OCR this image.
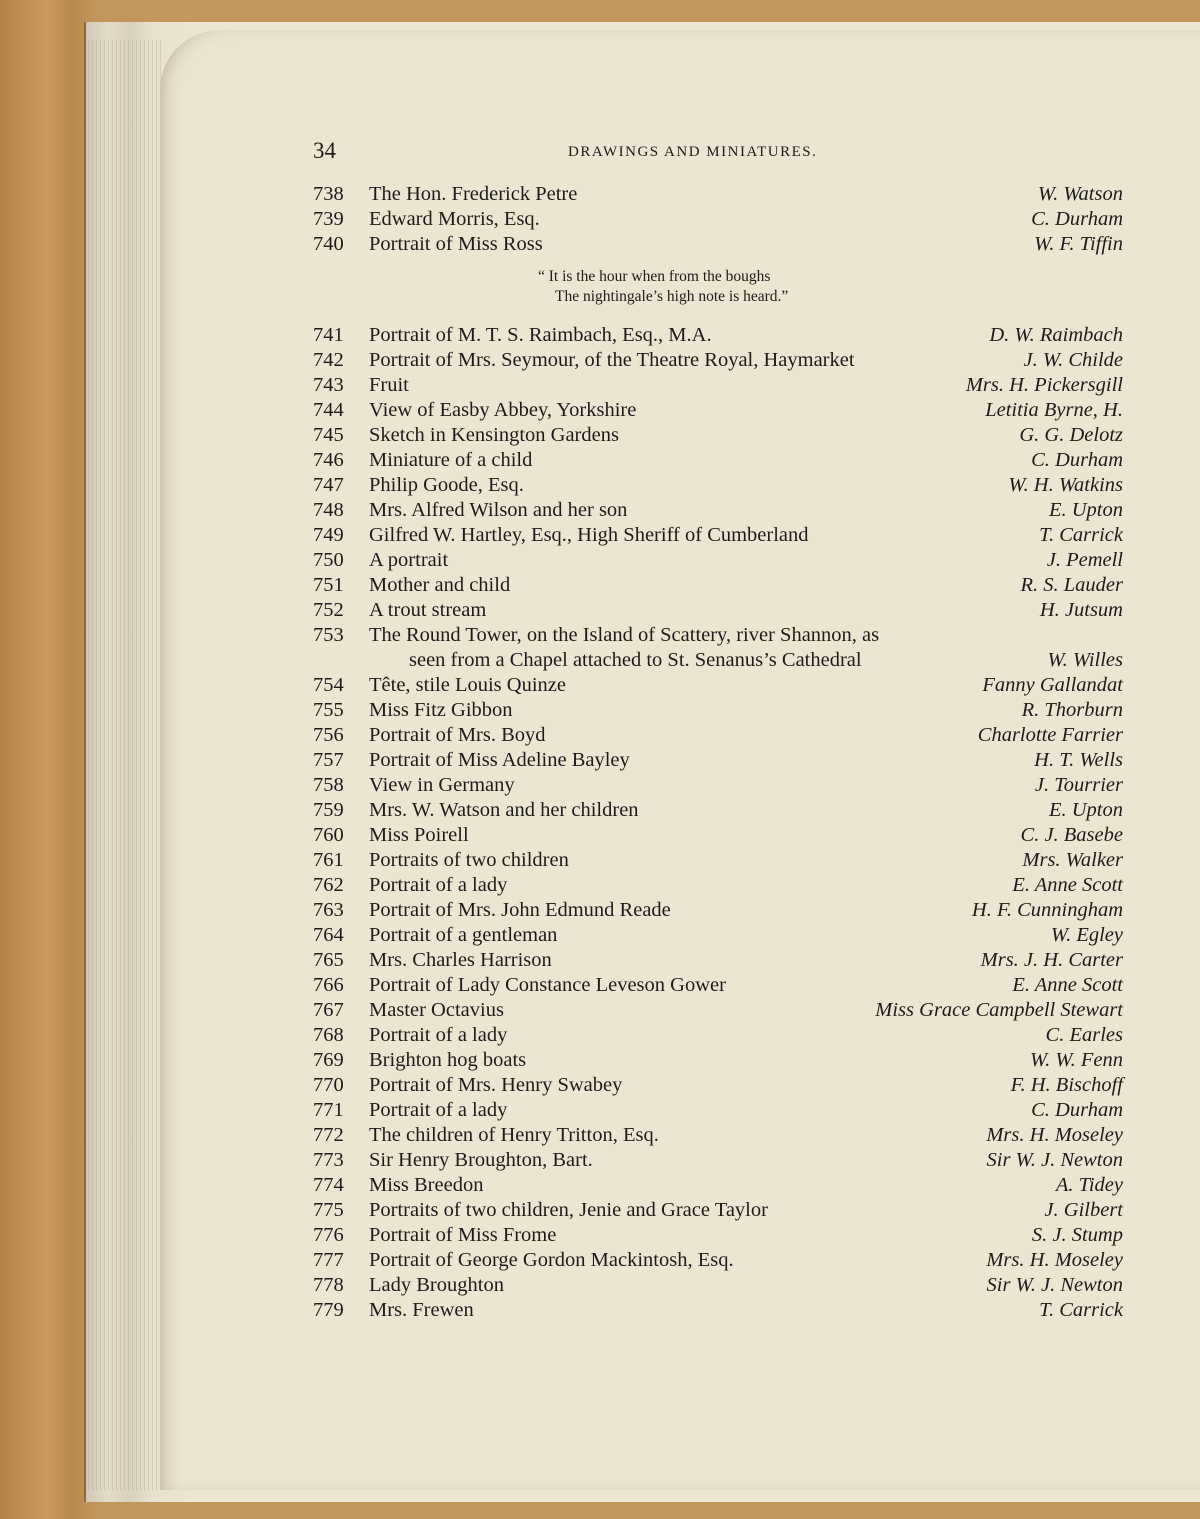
34	DRAWINGS AND MINIATURES.
738	The Hon. Frederick Petre	W. Watson
739	Edward Morris, Esq.	C. Durham
740	Portrait of Miss Ross	W. F. Tiffin
“ It is the hour when from the boughs
The nightingale’s high note is heard.”
741	Portrait of M. T. S. Raimbach, Esq., M.A.	D. W. Raimbach
742	Portrait of Mrs. Seymour, of the Theatre Royal, Haymarket	J. W. Childe
743	Fruit	Mrs. H. Pickersgill
744	View of Easby Abbey, Yorkshire	Letitia Byrne, H.
745	Sketch in Kensington Gardens	G. G. Delotz
746	Miniature of a child	C. Durham
747	Philip Goode, Esq.	W. H. Watkins
748	Mrs. Alfred Wilson and her son	E. Upton
749	Gilfred W. Hartley, Esq., High Sheriff of Cumberland	T. Carrick
750	A portrait	J. Pemell
751	Mother and child	R. S. Lauder
752	A trout stream	H. Jutsum
753	The Round Tower, on the Island of Scattery, river Shannon, as
seen from a Chapel attached to St. Senanus’s Cathedral	W. Willes
754	Tête, stile Louis Quinze	Fanny Gallandat
755	Miss Fitz Gibbon	R. Thorburn
756	Portrait of Mrs. Boyd	Charlotte Farrier
757	Portrait of Miss Adeline Bayley	H. T. Wells
758	View in Germany	J. Tourrier
759	Mrs. W. Watson and her children	E. Upton
760	Miss Poirell	C. J. Basebe
761	Portraits of two children	Mrs. Walker
762	Portrait of a lady	E. Anne Scott
763	Portrait of Mrs. John Edmund Reade	H. F. Cunningham
764	Portrait of a gentleman	W. Egley
765	Mrs. Charles Harrison	Mrs. J. H. Carter
766	Portrait of Lady Constance Leveson Gower	E. Anne Scott
767	Master Octavius	Miss Grace Campbell Stewart
768	Portrait of a lady	C. Earles
769	Brighton hog boats	W. W. Fenn
770	Portrait of Mrs. Henry Swabey	F. H. Bischoff
771	Portrait of a lady	C. Durham
772	The children of Henry Tritton, Esq.	Mrs. H. Moseley
773	Sir Henry Broughton, Bart.	Sir W. J. Newton
774	Miss Breedon	A. Tidey
775	Portraits of two children, Jenie and Grace Taylor	J. Gilbert
776	Portrait of Miss Frome	S. J. Stump
777	Portrait of George Gordon Mackintosh, Esq.	Mrs. H. Moseley
778	Lady Broughton	Sir W. J. Newton
779	Mrs. Frewen	T. Carrick
